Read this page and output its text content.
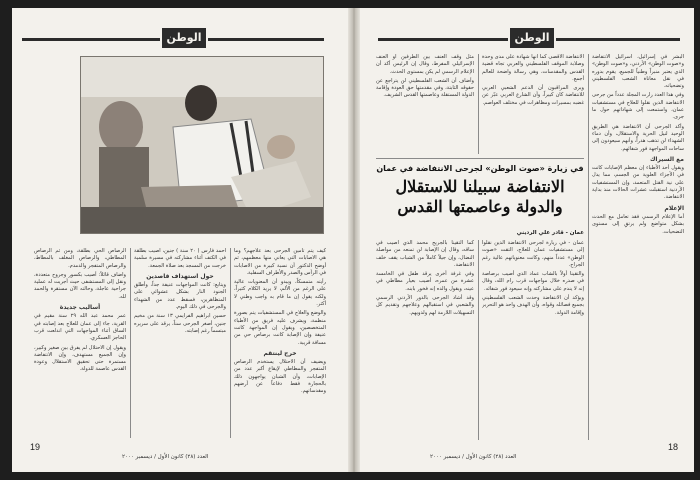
الوطن

كيف يتم تأمين الجرحى بعد علاجهم؟ وما هي الاصابات التي يعاني منها معظمهم، ثم أوضح الدكتور أن نسبة كبيرة من الاصابات في الرأس والصدر والأطراف السفلية.

رأيته متمسكاً، ويبدو أن المعنويات عالية على الرغم من الألم، لا يريد الكلام كثيراً، ولكنه يقول إن ما قام به واجب وطني لا أكثر.

والوضع والعلاج في المستشفيات يتم بصورة منظمة، ويشرف عليه فريق من الأطباء المتخصصين، ويقول إن المواجهة كانت عنيفة وإن الإصابة كانت برصاص حي من مسافة قريبة.

خرج لينتقم

ويضيف أن الاحتلال يستخدم الرصاص المتفجر والمطاطي لإيقاع أكبر عدد من الإصابات، وأن الشبان يواجهون ذلك بالحجارة فقط دفاعاً عن أرضهم ومقدساتهم.

احمد فارس ( ٢٠ سنة ) جنين، أصيب بطلقة في الكتف أثناء مشاركته في مسيرة سلمية خرجت من المسجد بعد صلاة الجمعة.

حول استهداف قاصدين

ويتابع: كانت المواجهات عنيفة جداً، وأطلق الجنود النار بشكل عشوائي على المتظاهرين، فسقط عدد من الشهداء والجرحى في ذلك اليوم.

حسين ابراهيم الفرايمي ١٣ سنة من مخيم جنين، أصغر الجرحى سناً، يرقد على سريره مبتسماً رغم إصابته.

الرصاص الحي بطلقة، ومن ثم الرصاص المطاطي، والرصاص المغلف بالمطاط، والرصاص المتفجر والدمدم.

واضاف قائلاً: أصيب بكسور وجروح متعددة، ونقل إلى المستشفى حيث أجريت له عملية جراحية عاجلة، وحالته الآن مستقرة والحمد لله.

أساليب جديدة

عمر محمد عبد الله ٢٩ سنة مقيم في القرية، جاء إلى عمان للعلاج بعد إصابته في الساق أثناء المواجهات التي اندلعت قرب الحاجز العسكري.

ويقول إن الاحتلال لم يفرق بين صغير وكبير، وإن الجميع مستهدف، وإن الانتفاضة مستمرة حتى تحقيق الاستقلال وعودة القدس عاصمة للدولة.

19
العدد (٢٨) كانون الأول / ديسمبر ٢٠٠٠
الوطن

البشر في إسرائيل، اسرائيل الانتفاضة و«صوت الوطن» الأردني، و«صوت الوطن» الذي يعتبر منبراً وطنياً للجميع، يقوم بدوره في نقل معاناة الشعب الفلسطيني وتضحياته.

وفي هذا العدد زارت المجلة عدداً من جرحى الانتفاضة الذين نقلوا للعلاج في مستشفيات عمان، واستمعت إلى شهاداتهم حول ما جرى.

وأكد الجرحى أن الانتفاضة هي الطريق الوحيد لنيل الحرية والاستقلال، وأن دماء الشهداء لن تذهب هدراً، وأنهم سيعودون إلى ساحات المواجهة فور شفائهم.

مع السيراك

ويقول أحد الأطباء إن معظم الإصابات كانت في الأجزاء العلوية من الجسم، مما يدل على نية القتل المتعمد، وإن المستشفيات الأردنية استقبلت عشرات الحالات منذ بداية الانتفاضة.

الإعلام

أما الإعلام الرسمي فقد تعامل مع الحدث بشكل متواضع ولم يرتقِ إلى مستوى التضحيات.

الانتفاضة الأقصى كما أنها شهادة على مدى وحدة وصلابة الموقف الفلسطيني والعربي تجاه قضية القدس والمقدسات، وهي رسالة واضحة للعالم أجمع.

ويرى المراقبون أن الدعم الشعبي العربي للانتفاضة كان كبيراً، وأن الشارع العربي عبّر عن غضبه بمسيرات ومظاهرات في مختلف العواصم.

مثل وقف العنف بين الطرفين أو العنف الإسرائيلي المفرط، وقال إن الرئيس أكد أن الإعلام الرسمي لم يكن بمستوى الحدث.

وأضاف أن الشعب الفلسطيني لن يتراجع عن حقوقه الثابتة، وفي مقدمتها حق العودة وإقامة الدولة المستقلة وعاصمتها القدس الشريف.

في زيارة «صوت الوطن» لجرحى الانتفاضة في عمان
الانتفاضة سبيلنا للاستقلال
والدولة وعاصمتها القدس
عمان - قادر علي الرديني

عمان - في زيارة لجرحى الانتفاضة الذين نقلوا إلى مستشفيات عمان للعلاج، التقت «صوت الوطن» عدداً منهم، وكانت معنوياتهم عالية رغم الجراح.

والتقينا أولاً بالشاب عماد الذي أصيب برصاصة في صدره خلال مواجهات قرب رام الله، وقال إنه لا يندم على مشاركته وإنه سيعود فور شفائه.

ويؤكد أن الانتفاضة وحدت الشعب الفلسطيني بجميع فصائله وقواه، وأن الهدف واحد هو التحرير وإقامة الدولة.

كما التقينا بالجريح محمد الذي أصيب في ساقه، وقال إن الإصابة لن تمنعه من مواصلة النضال، وإن جيلاً كاملاً من الشباب يقف خلف الانتفاضة.

وفي غرفة أخرى يرقد طفل في الخامسة عشرة من عمره، أصيب بعيار مطاطي في عينه، ويقول والده إنه فخور بابنه.

وقد أشاد الجرحى بالدور الأردني الرسمي والشعبي في استقبالهم وعلاجهم وتقديم كل التسهيلات اللازمة لهم ولذويهم.

18
العدد (٢٨) كانون الأول / ديسمبر ٢٠٠٠
